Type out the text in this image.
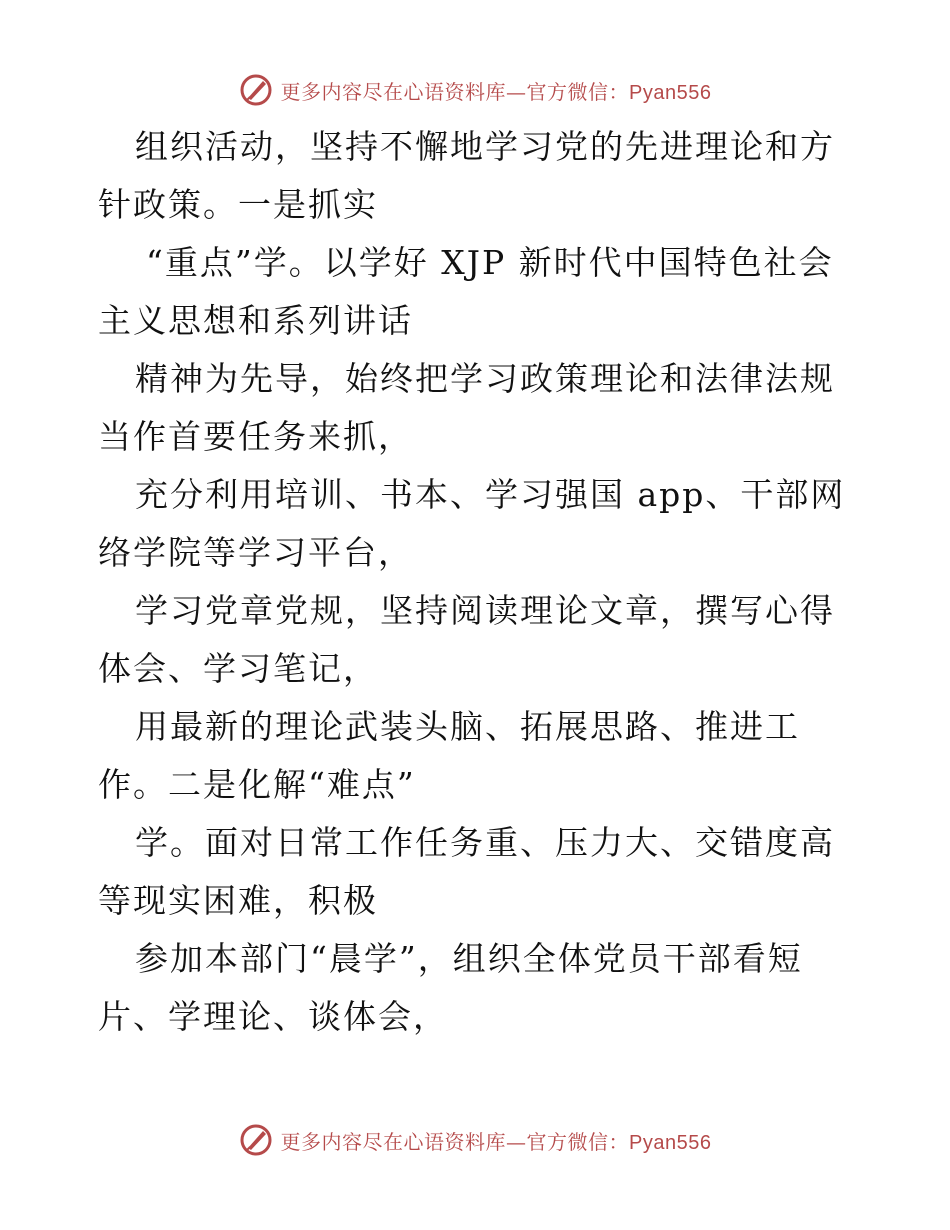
更多内容尽在心语资料库—官方微信：Pyan556

组织活动，坚持不懈地学习党的先进理论和方针政策。一是抓实

“重点”学。以学好 XJP 新时代中国特色社会主义思想和系列讲话

精神为先导，始终把学习政策理论和法律法规当作首要任务来抓，

充分利用培训、书本、学习强国 app、干部网络学院等学习平台，

学习党章党规，坚持阅读理论文章，撰写心得体会、学习笔记，

用最新的理论武装头脑、拓展思路、推进工作。二是化解“难点”

学。面对日常工作任务重、压力大、交错度高等现实困难，积极

参加本部门“晨学”，组织全体党员干部看短片、学理论、谈体会，

更多内容尽在心语资料库—官方微信：Pyan556
